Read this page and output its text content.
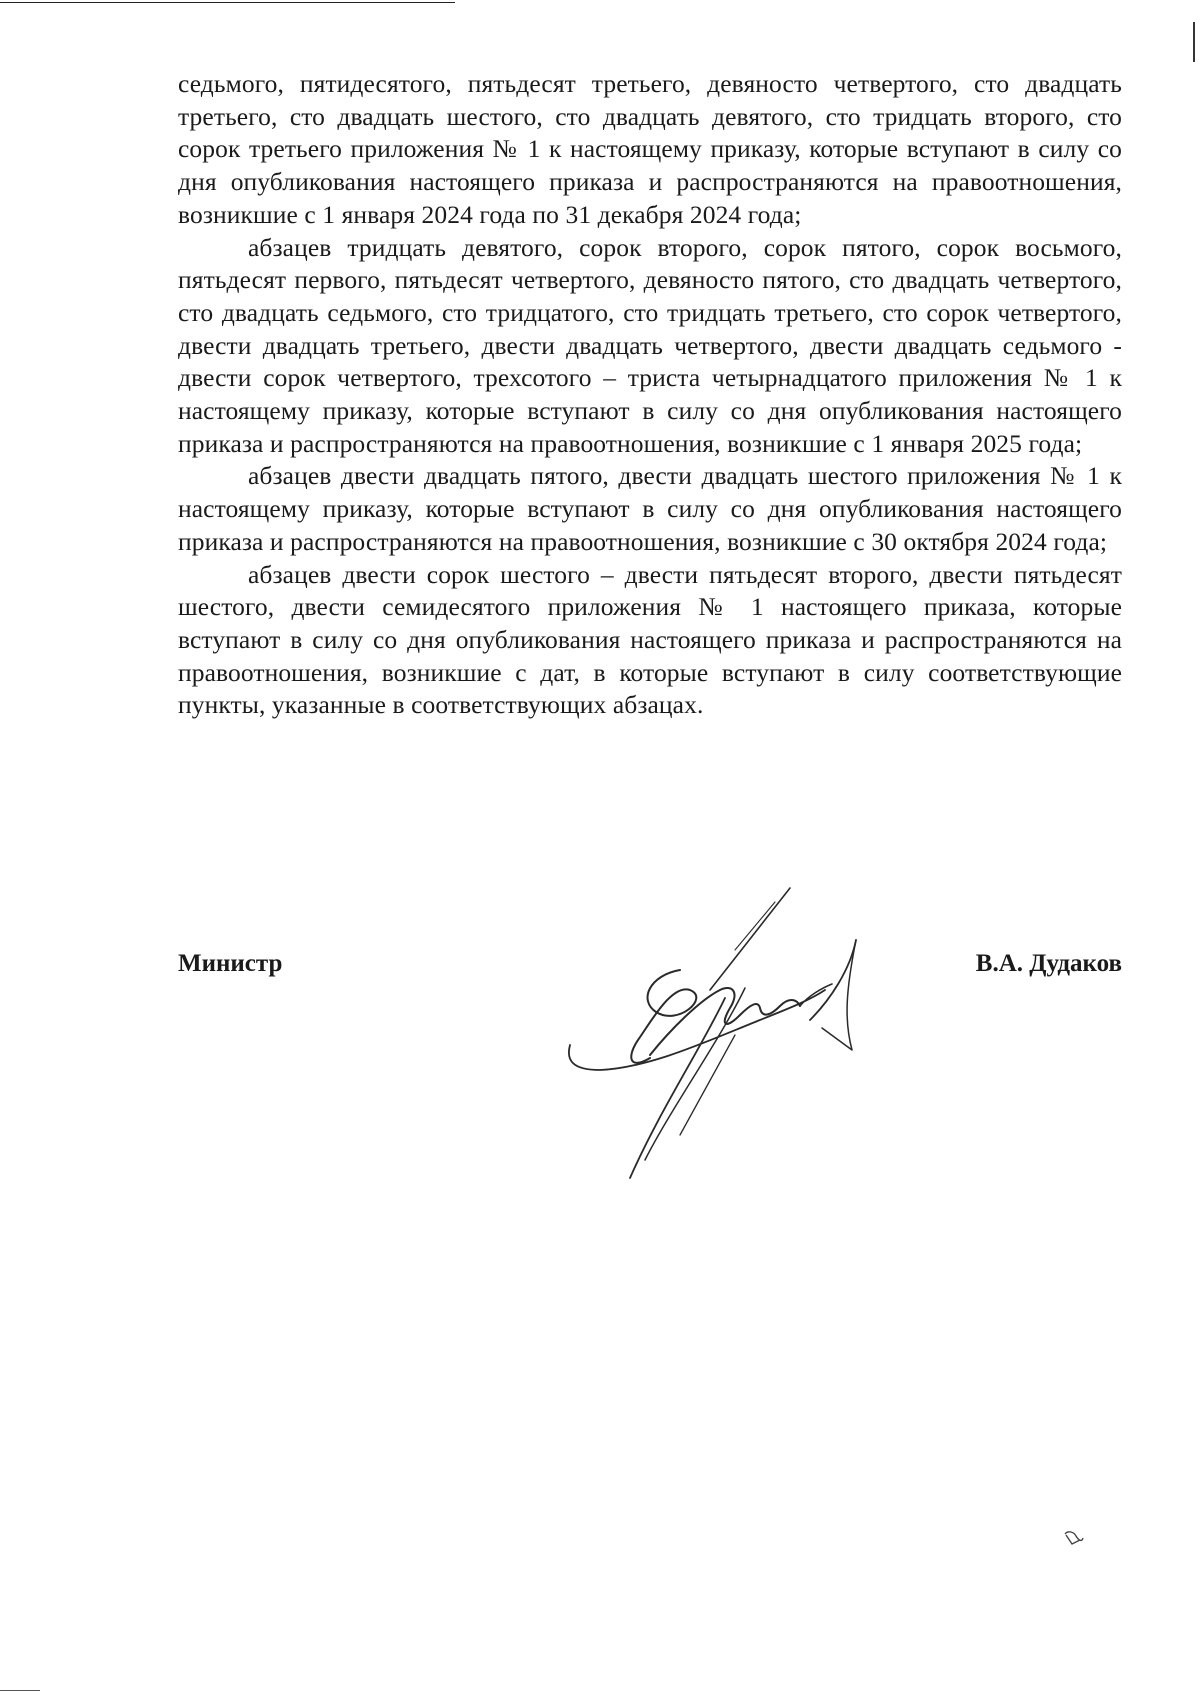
седьмого, пятидесятого, пятьдесят третьего, девяносто четвертого, сто двадцать третьего, сто двадцать шестого, сто двадцать девятого, сто тридцать второго, сто сорок третьего приложения № 1 к настоящему приказу, которые вступают в силу со дня опубликования настоящего приказа и распространяются на правоотношения, возникшие с 1 января 2024 года по 31 декабря 2024 года;

абзацев тридцать девятого, сорок второго, сорок пятого, сорок восьмого, пятьдесят первого, пятьдесят четвертого, девяносто пятого, сто двадцать четвертого, сто двадцать седьмого, сто тридцатого, сто тридцать третьего, сто сорок четвертого, двести двадцать третьего, двести двадцать четвертого, двести двадцать седьмого - двести сорок четвертого, трехсотого – триста четырнадцатого приложения № 1 к настоящему приказу, которые вступают в силу со дня опубликования настоящего приказа и распространяются на правоотношения, возникшие с 1 января 2025 года;

абзацев двести двадцать пятого, двести двадцать шестого приложения № 1 к настоящему приказу, которые вступают в силу со дня опубликования настоящего приказа и распространяются на правоотношения, возникшие с 30 октября 2024 года;

абзацев двести сорок шестого – двести пятьдесят второго, двести пятьдесят шестого, двести семидесятого приложения № 1 настоящего приказа, которые вступают в силу со дня опубликования настоящего приказа и распространяются на правоотношения, возникшие с дат, в которые вступают в силу соответствующие пункты, указанные в соответствующих абзацах.

Министр	В.А. Дудаков
